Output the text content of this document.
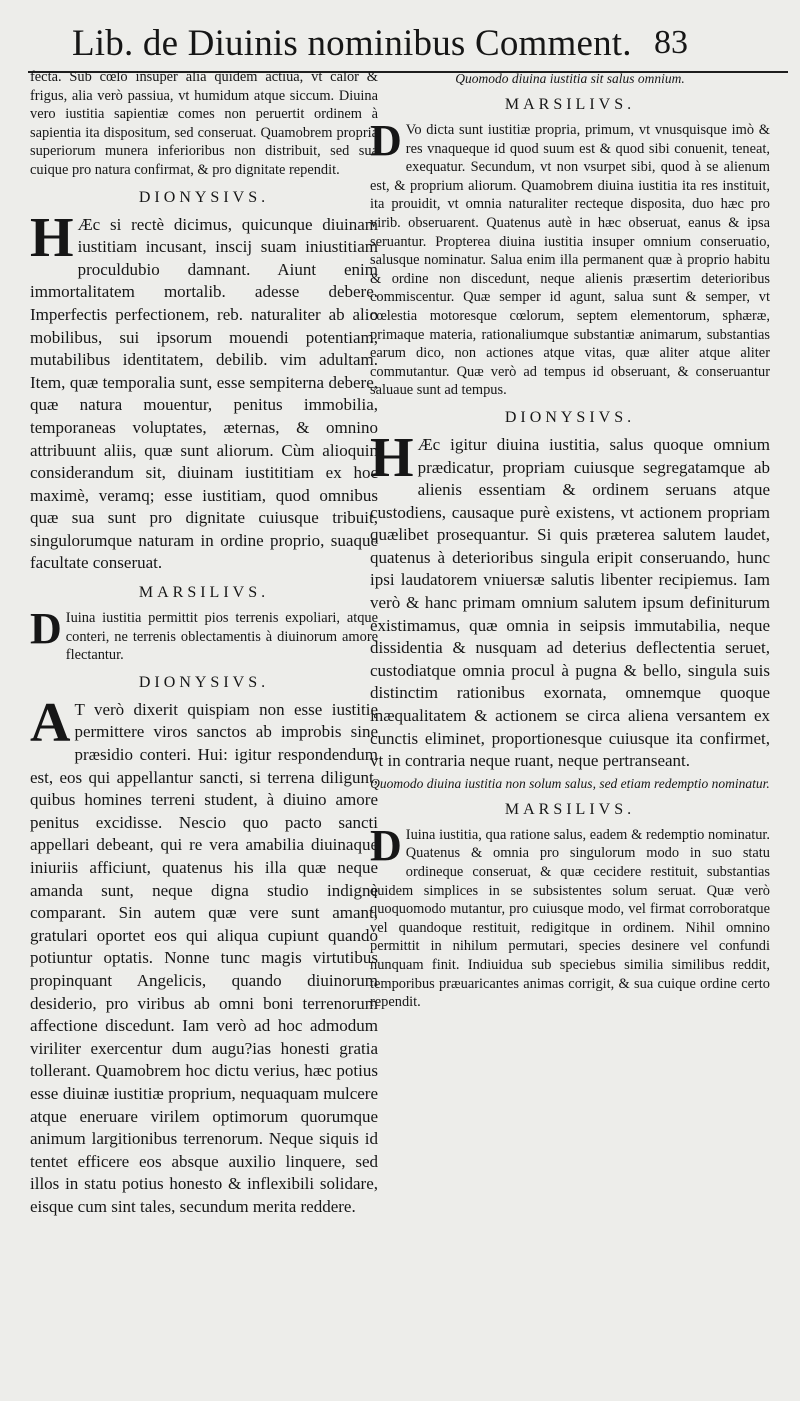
Lib. de Diuinis nominibus Comment. 83

fecta. Sub cœlo insuper alia quidem actiua, vt calor & frigus, alia verò passiua, vt humidum atque siccum. Diuina vero iustitia sapientiæ comes non peruertit ordinem à sapientia ita dispositum, sed conseruat. Quamobrem propria superiorum munera inferioribus non distribuit, sed sua cuique pro natura confirmat, & pro dignitate rependit.

DIONYSIVS.

H Æc si rectè dicimus, quicunque diuinam iustitiam incusant, inscij suam iniustitiam proculdubio damnant. Aiunt enim immortalitatem mortalib. adesse debere. Imperfectis perfectionem, reb. naturaliter ab alio mobilibus, sui ipsorum mouendi potentiam, mutabilibus identitatem, debilib. vim adultam. Item, quæ temporalia sunt, esse sempiterna debere, quæ natura mouentur, penitus immobilia, temporaneas voluptates, æternas, & omnino attribuunt aliis, quæ sunt aliorum. Cùm alioquin considerandum sit, diuinam iustititiam ex hoc maximè, veramq; esse iustitiam, quod omnibus quæ sua sunt pro dignitate cuiusque tribuit, singulorumque naturam in ordine proprio, suaque facultate conseruat.

MARSILIVS.

D Iuina iustitia permittit pios terrenis expoliari, atque conteri, ne terrenis oblectamentis à diuinorum amore flectantur.

DIONYSIVS.

A T verò dixerit quispiam non esse iustitię permittere viros sanctos ab improbis sine præsidio conteri. Hui: igitur respondendum est, eos qui appellantur sancti, si terrena diligunt, quibus homines terreni student, à diuino amore penitus excidisse. Nescio quo pacto sancti appellari debeant, qui re vera amabilia diuinaque iniuriis afficiunt, quatenus his illa quæ neque amanda sunt, neque digna studio indignè comparant. Sin autem quæ vere sunt amant, gratulari oportet eos qui aliqua cupiunt quando potiuntur optatis. Nonne tunc magis virtutibus propinquant Angelicis, quando diuinorum desiderio, pro viribus ab omni boni terrenorum affectione discedunt. Iam verò ad hoc admodum viriliter exercentur dum augu?ias honesti gratia tollerant. Quamobrem hoc dictu verius, hæc potius esse diuinæ iustitiæ proprium, nequaquam mulcere atque eneruare virilem optimorum quorumque animum largitionibus terrenorum. Neque siquis id tentet efficere eos absque auxilio linquere, sed illos in statu potius honesto & inflexibili solidare, eisque cum sint tales, secundum merita reddere.

Quomodo diuina iustitia sit salus omnium.
MARSILIVS.

D Vo dicta sunt iustitiæ propria, primum, vt vnusquisque imò & res vnaqueque id quod suum est & quod sibi conuenit, teneat, exequatur. Secundum, vt non vsurpet sibi, quod à se alienum est, & proprium aliorum. Quamobrem diuina iustitia ita res instituit, ita prouidit, vt omnia naturaliter recteque disposita, duo hæc pro virib. obseruarent. Quatenus autè in hæc obseruat, eanus & ipsa seruantur. Propterea diuina iustitia insuper omnium conseruatio, salusque nominatur. Salua enim illa permanent quæ à proprio habitu & ordine non discedunt, neque alienis præsertim deterioribus commiscentur. Quæ semper id agunt, salua sunt & semper, vt cœlestia motoresque cœlorum, septem elementorum, sphæræ, primaque materia, rationaliumque substantiæ animarum, substantias earum dico, non actiones atque vitas, quæ aliter atque aliter commutantur. Quæ verò ad tempus id obseruant, & conseruantur saluaue sunt ad tempus.

DIONYSIVS.

H Æc igitur diuina iustitia, salus quoque omnium prædicatur, propriam cuiusque segregatamque ab alienis essentiam & ordinem seruans atque custodiens, causaque purè existens, vt actionem propriam quælibet prosequantur. Si quis præterea salutem laudet, quatenus à deterioribus singula eripit conseruando, hunc ipsi laudatorem vniuersæ salutis libenter recipiemus. Iam verò & hanc primam omnium salutem ipsum definiturum existimamus, quæ omnia in seipsis immutabilia, neque dissidentia & nusquam ad deterius deflectentia seruet, custodiatque omnia procul à pugna & bello, singula suis distinctim rationibus exornata, omnemque quoque inæqualitatem & actionem se circa aliena versantem ex cunctis eliminet, proportionesque cuiusque ita confirmet, vt in contraria neque ruant, neque pertranseant.

Quomodo diuina iustitia non solum salus, sed etiam redemptio nominatur.
MARSILIVS.

D Iuina iustitia, qua ratione salus, eadem & redemptio nominatur. Quatenus & omnia pro singulorum modo in suo statu ordineque conseruat, & quæ cecidere restituit, substantias quidem simplices in se subsistentes solum seruat. Quæ verò quoquomodo mutantur, pro cuiusque modo, vel firmat corroboratque vel quandoque restituit, redigitque in ordinem. Nihil omnino permittit in nihilum permutari, species desinere vel confundi nunquam finit. Indiuidua sub speciebus similia similibus reddit, temporibus præuaricantes animas corrigit, & sua cuique ordine certo rependit.
